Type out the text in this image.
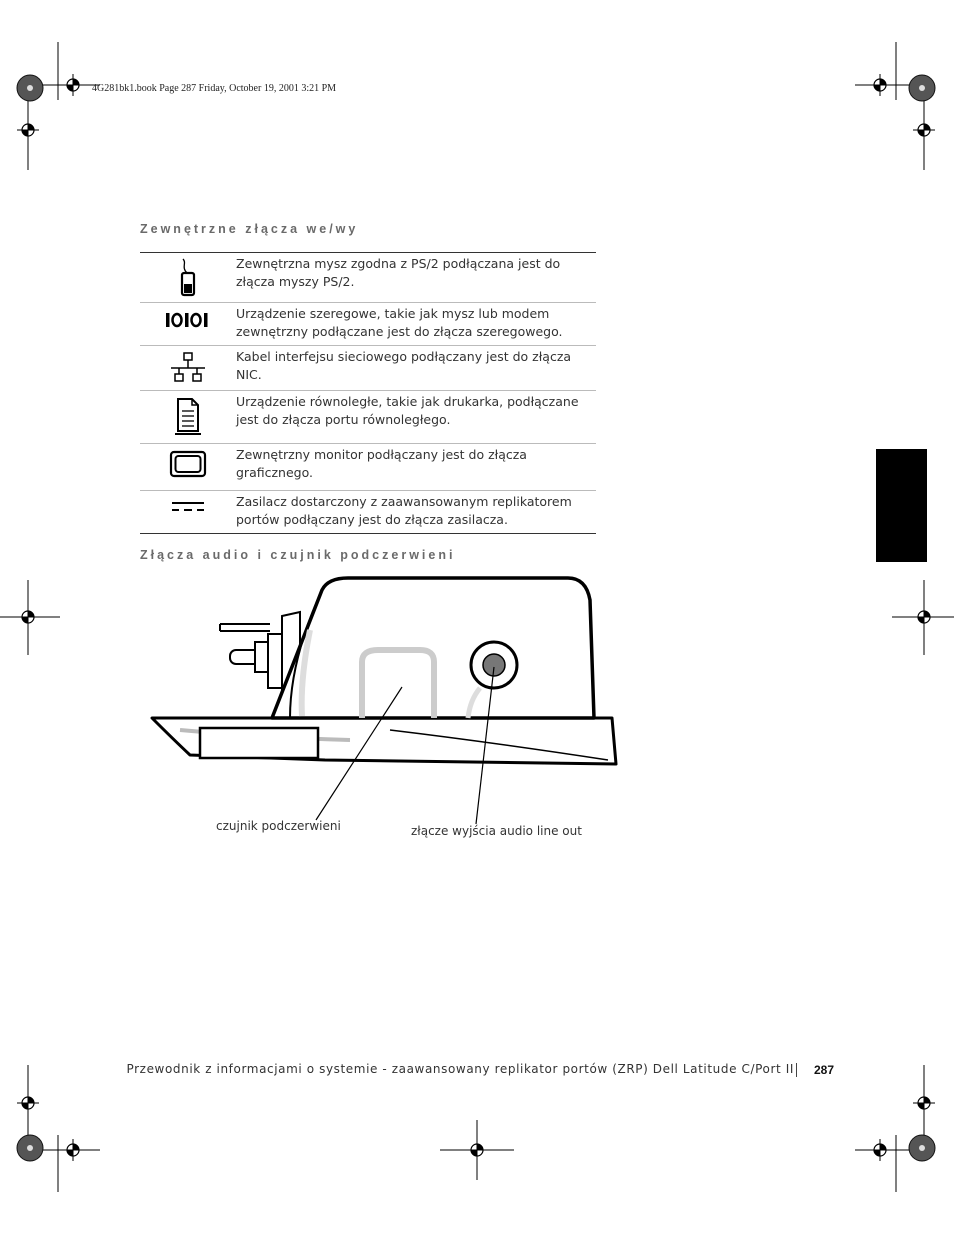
4G281bk1.book Page 287 Friday, October 19, 2001 3:21 PM
Zewnętrzne złącza we/wy
Zewnętrzna mysz zgodna z PS/2 podłączana jest do złącza myszy PS/2.
Urządzenie szeregowe, takie jak mysz lub modem zewnętrzny podłączane jest do złącza szeregowego.
Kabel interfejsu sieciowego podłączany jest do złącza NIC.
Urządzenie równoległe, takie jak drukarka, podłączane jest do złącza portu równoległego.
Zewnętrzny monitor podłączany jest do złącza graficznego.
Zasilacz dostarczony z zaawansowanym replikatorem portów podłączany jest do złącza zasilacza.
Złącza audio i czujnik podczerwieni
czujnik podczerwieni	złącze wyjścia audio line out
Przewodnik z informacjami o systemie - zaawansowany replikator portów (ZRP) Dell Latitude C/Port II 287
